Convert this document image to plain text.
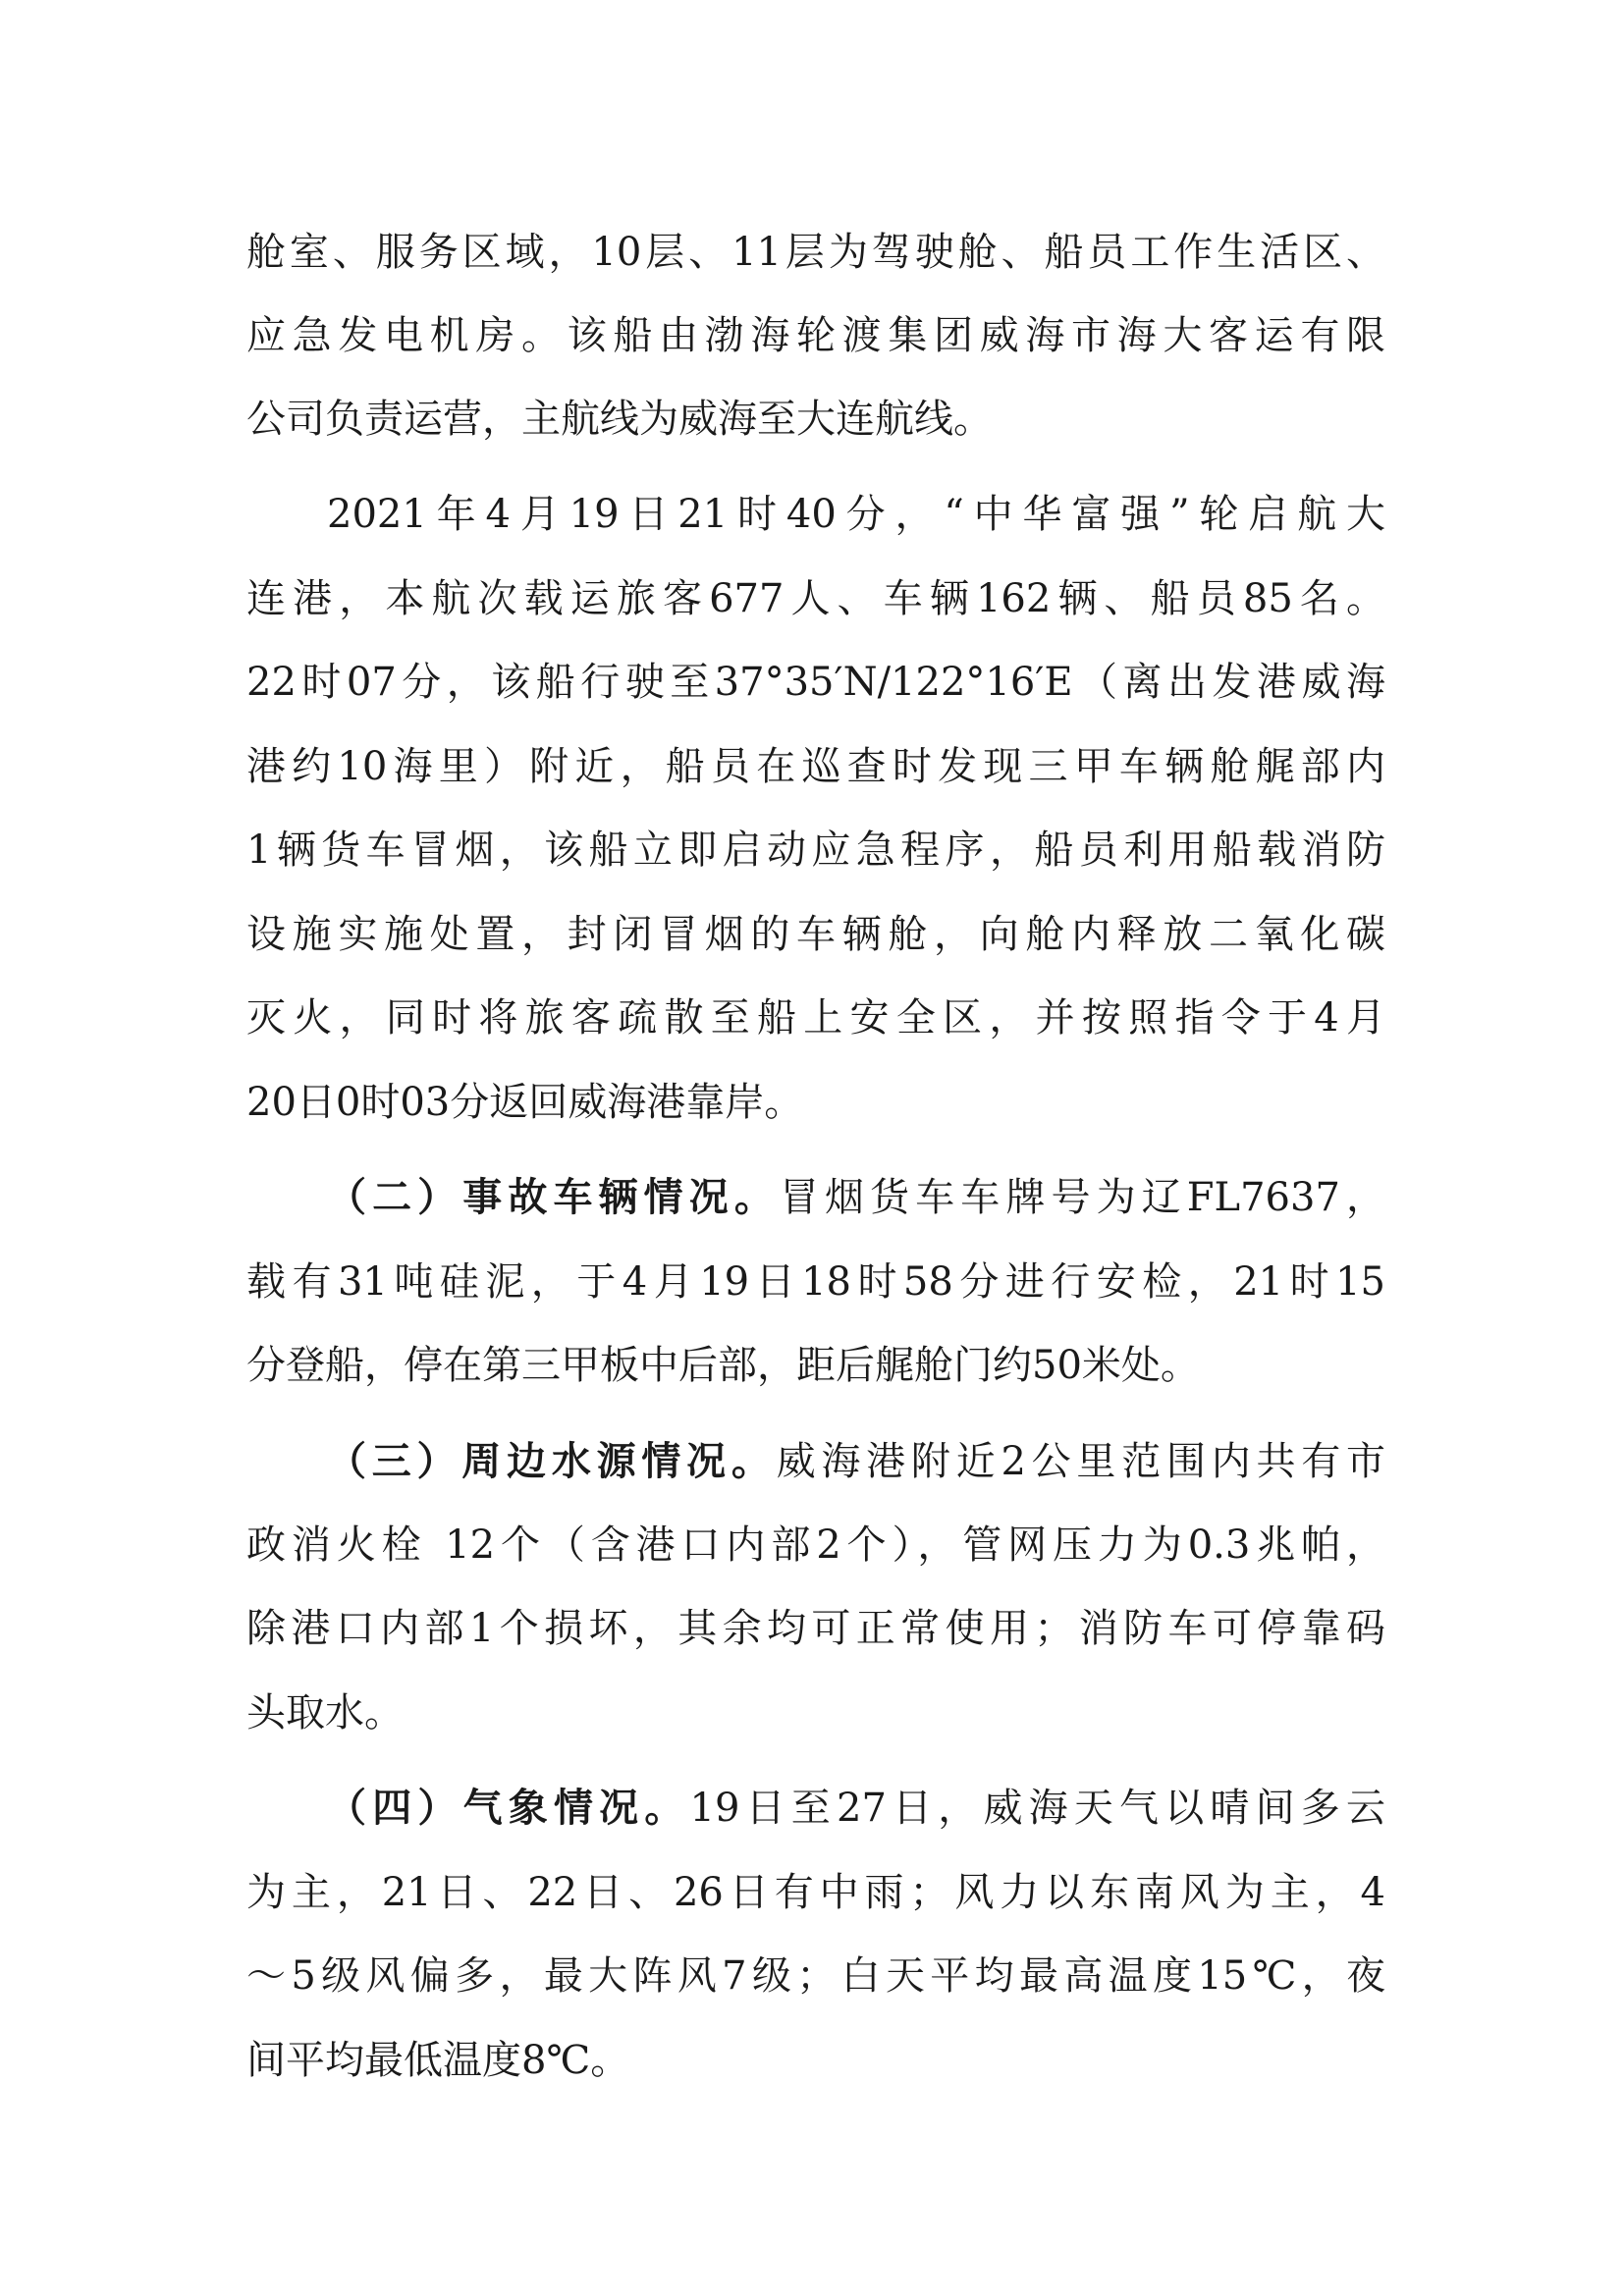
舱室、服务区域，10层、11层为驾驶舱、船员工作生活区、

应急发电机房。该船由渤海轮渡集团威海市海大客运有限

公司负责运营，主航线为威海至大连航线。

2021年4月19日21时40分，“中华富强”轮启航大

连港，本航次载运旅客677人、车辆162辆、船员85名。

22时07分，该船行驶至37°35′N/122°16′E（离出发港威海

港约10海里）附近，船员在巡查时发现三甲车辆舱艉部内

1辆货车冒烟，该船立即启动应急程序，船员利用船载消防

设施实施处置，封闭冒烟的车辆舱，向舱内释放二氧化碳

灭火，同时将旅客疏散至船上安全区，并按照指令于4月

20日0时03分返回威海港靠岸。

（二）事故车辆情况。冒烟货车车牌号为辽FL7637，

载有31吨硅泥，于4月19日18时58分进行安检，21时15

分登船，停在第三甲板中后部，距后艉舱门约50米处。

（三）周边水源情况。威海港附近2公里范围内共有市

政消火栓 12个（含港口内部2个），管网压力为0.3兆帕，

除港口内部1个损坏，其余均可正常使用；消防车可停靠码

头取水。

（四）气象情况。19日至27日，威海天气以晴间多云

为主，21日、22日、26日有中雨；风力以东南风为主，4

～5级风偏多，最大阵风7级；白天平均最高温度15℃，夜

间平均最低温度8℃。
